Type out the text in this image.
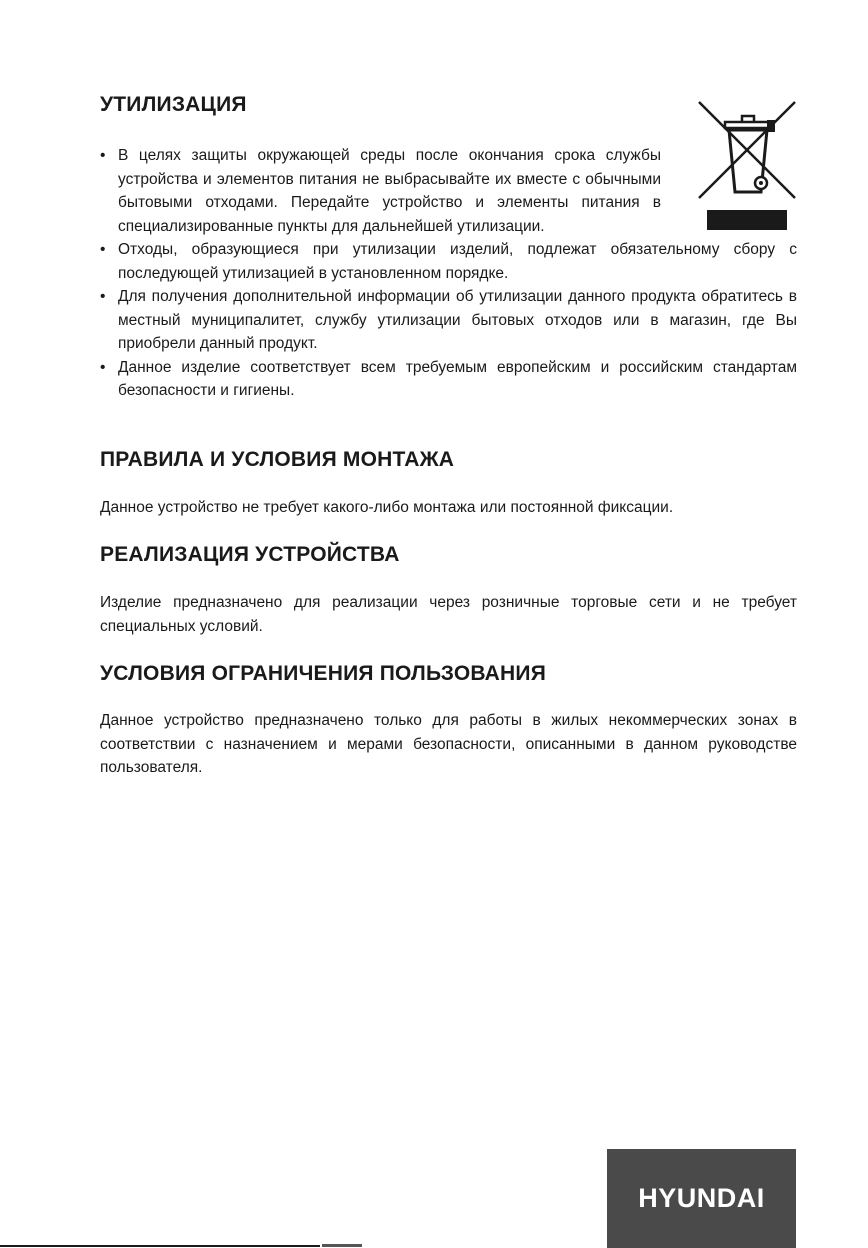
УТИЛИЗАЦИЯ
• В целях защиты окружающей среды после окончания срока службы устройства и элементов питания не выбрасывайте их вместе с обычными бытовыми отходами. Передайте устройство и элементы питания в специализированные пункты для дальнейшей утилизации.
• Отходы, образующиеся при утилизации изделий, подлежат обязательному сбору с последующей утилизацией в установленном порядке.
• Для получения дополнительной информации об утилизации данного продукта обратитесь в местный муниципалитет, службу утилизации бытовых отходов или в магазин, где Вы приобрели данный продукт.
• Данное изделие соответствует всем требуемым европейским и российским стандартам безопасности и гигиены.
ПРАВИЛА И УСЛОВИЯ МОНТАЖА

Данное устройство не требует какого-либо монтажа или постоянной фиксации.

РЕАЛИЗАЦИЯ УСТРОЙСТВА

Изделие предназначено для реализации через розничные торговые сети и не требует специальных условий.

УСЛОВИЯ ОГРАНИЧЕНИЯ ПОЛЬЗОВАНИЯ

Данное устройство предназначено только для работы в жилых некоммерческих зонах в соответствии с назначением и мерами безопасности, описанными в данном руководстве пользователя.

HYUNDAI
